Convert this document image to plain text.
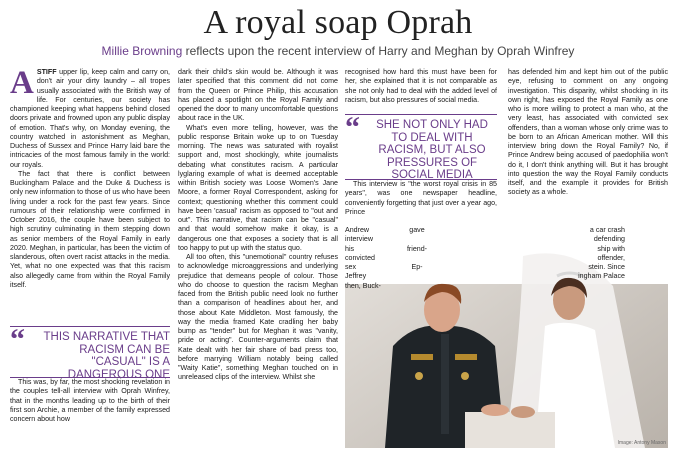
A royal soap Oprah
Millie Browning reflects upon the recent interview of Harry and Meghan by Oprah Winfrey

ASTIFF upper lip, keep calm and carry on, don't air your dirty laundry – all tropes usually associated with the British way of life. For centuries, our society has championed keeping what happens behind closed doors private and frowned upon any public display of emotion. That's why, on Monday evening, the country watched in astonishment as Meghan, Duchess of Sussex and Prince Harry laid bare the intricacies of the most famous family in the world: our royals.

The fact that there is conflict between Buckingham Palace and the Duke & Duchess is only new information to those of us who have been living under a rock for the past few years. Since rumours of their relationship were confirmed in October 2016, the couple have been subject to high scrutiny culminating in them stepping down as senior members of the Royal Family in early 2020. Meghan, in particular, has been the victim of slanderous, often overt racist attacks in the media. Yet, what no one expected was that this racism also allegedly came from within the Royal Family itself.

“	THIS NARRATIVE THAT RACISM CAN BE "CASUAL" IS A DANGEROUS ONE

This was, by far, the most shocking revelation in the couples tell-all interview with Oprah Winfrey, that in the months leading up to the birth of their first son Archie, a member of the family expressed concern about how

dark their child's skin would be. Although it was later specified that this comment did not come from the Queen or Prince Philip, this accusation has placed a spotlight on the Royal Family and opened the door to many uncomfortable questions about race in the UK.

What's even more telling, however, was the public response Britain woke up to on Tuesday morning. The news was saturated with royalist support and, most shockingly, white journalists debating what constitutes racism. A particular lyglaring example of what is deemed acceptable within British society was Loose Women's Jane Moore, a former Royal Correspondent, asking for context; questioning whether this comment could have been 'casual' racism as opposed to "out and out". This narrative, that racism can be "casual" and that would somehow make it okay, is a dangerous one that exposes a society that is all too happy to put up with the status quo.

All too often, this "unemotional" country refuses to acknowledge microaggressions and underlying prejudice that demeans people of colour. Those who do choose to question the racism Meghan faced from the British public need look no further than a comparison of headlines about her, and those about Kate Middleton. Most famously, the way the media framed Kate cradling her baby bump as "tender" but for Meghan it was "vanity, pride or acting". Counter-arguments claim that Kate dealt with her fair share of bad press too, before marrying William notably being called "Waity Katie", something Meghan touched on in unreleased clips of the interview. Whilst she

recognised how hard this must have been for her, she explained that it is not comparable as she not only had to deal with the added level of racism, but also pressures of social media.

“	SHE NOT ONLY HAD TO DEAL WITH RACISM, BUT ALSO PRESSURES OF SOCIAL MEDIA

This interview is "the worst royal crisis in 85 years", was one newspaper headline, conveniently forgetting that just over a year ago, Prince

has defended him and kept him out of the public eye, refusing to comment on any ongoing investigation. This disparity, whilst shocking in its own right, has exposed the Royal Family as one who is more willing to protect a man who, at the very least, has associated with convicted sex offenders, than a woman whose only crime was to be born to an African American mother. Will this interview bring down the Royal Family? No, if Prince Andrew being accused of paedophilia won't do it, I don't think anything will. But it has brought into question the way the Royal Family conducts itself, and the example it provides for British society as a whole.

Andrew
interview
his
convicted sex
Jeffrey
then, Buck-
gave
friend-
Ep-
a car crash
defending
ship with
offender,
stein. Since
ingham Palace
Image: Antony Mason
